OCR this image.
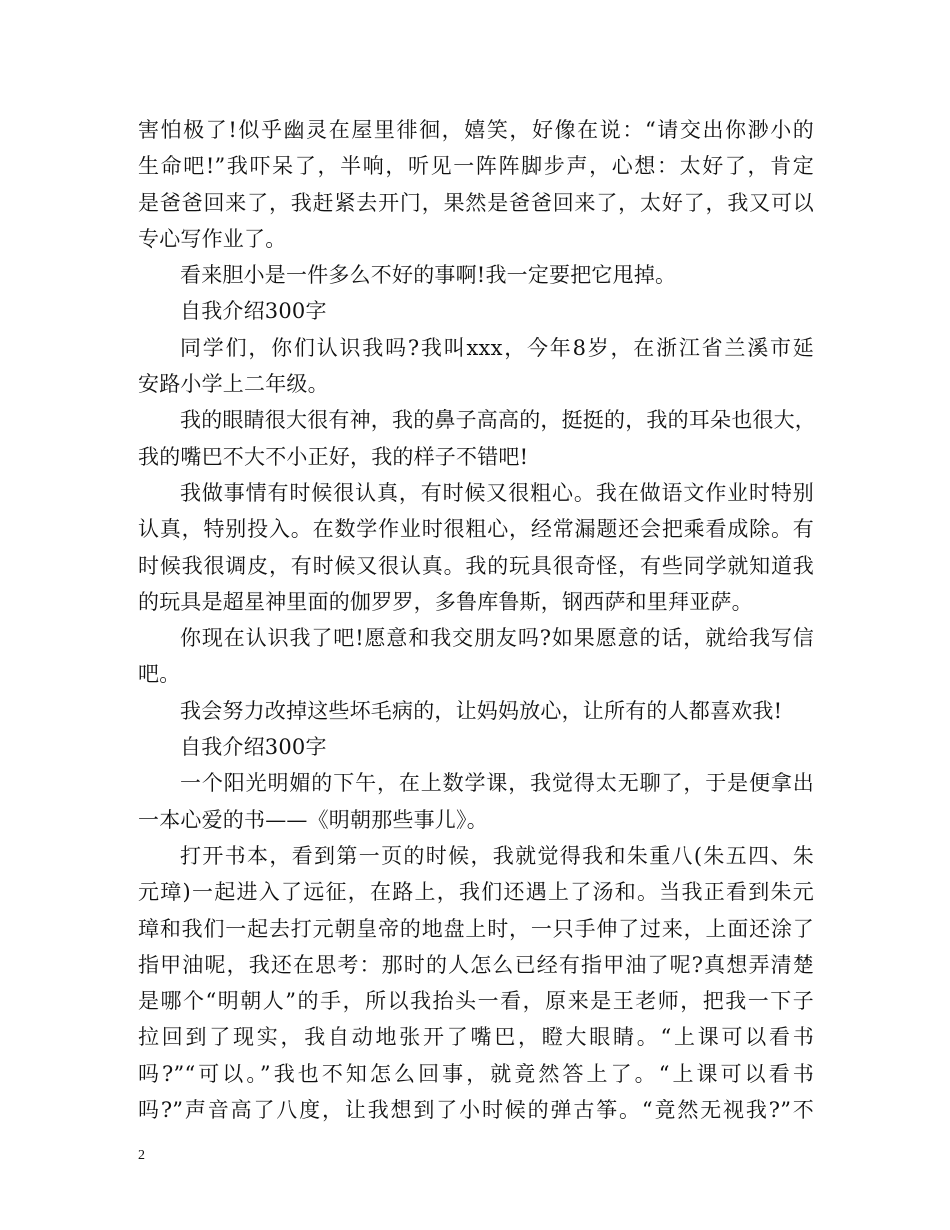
害怕极了!似乎幽灵在屋里徘徊，嬉笑，好像在说：“请交出你渺小的
生命吧!”我吓呆了，半响，听见一阵阵脚步声，心想：太好了，肯定
是爸爸回来了，我赶紧去开门，果然是爸爸回来了，太好了，我又可以
专心写作业了。
看来胆小是一件多么不好的事啊!我一定要把它甩掉。
自我介绍300字
同学们，你们认识我吗?我叫xxx，今年8岁，在浙江省兰溪市延
安路小学上二年级。
我的眼睛很大很有神，我的鼻子高高的，挺挺的，我的耳朵也很大，
我的嘴巴不大不小正好，我的样子不错吧!
我做事情有时候很认真，有时候又很粗心。我在做语文作业时特别
认真，特别投入。在数学作业时很粗心，经常漏题还会把乘看成除。有
时候我很调皮，有时候又很认真。我的玩具很奇怪，有些同学就知道我
的玩具是超星神里面的伽罗罗，多鲁库鲁斯，钢西萨和里拜亚萨。
你现在认识我了吧!愿意和我交朋友吗?如果愿意的话，就给我写信
吧。
我会努力改掉这些坏毛病的，让妈妈放心，让所有的人都喜欢我!
自我介绍300字
一个阳光明媚的下午，在上数学课，我觉得太无聊了，于是便拿出
一本心爱的书——《明朝那些事儿》。
打开书本，看到第一页的时候，我就觉得我和朱重八(朱五四、朱
元璋)一起进入了远征，在路上，我们还遇上了汤和。当我正看到朱元
璋和我们一起去打元朝皇帝的地盘上时，一只手伸了过来，上面还涂了
指甲油呢，我还在思考：那时的人怎么已经有指甲油了呢?真想弄清楚
是哪个“明朝人”的手，所以我抬头一看，原来是王老师，把我一下子
拉回到了现实，我自动地张开了嘴巴，瞪大眼睛。“上课可以看书
吗?”“可以。”我也不知怎么回事，就竟然答上了。“上课可以看书
吗?”声音高了八度，让我想到了小时候的弹古筝。“竟然无视我?”不
2
